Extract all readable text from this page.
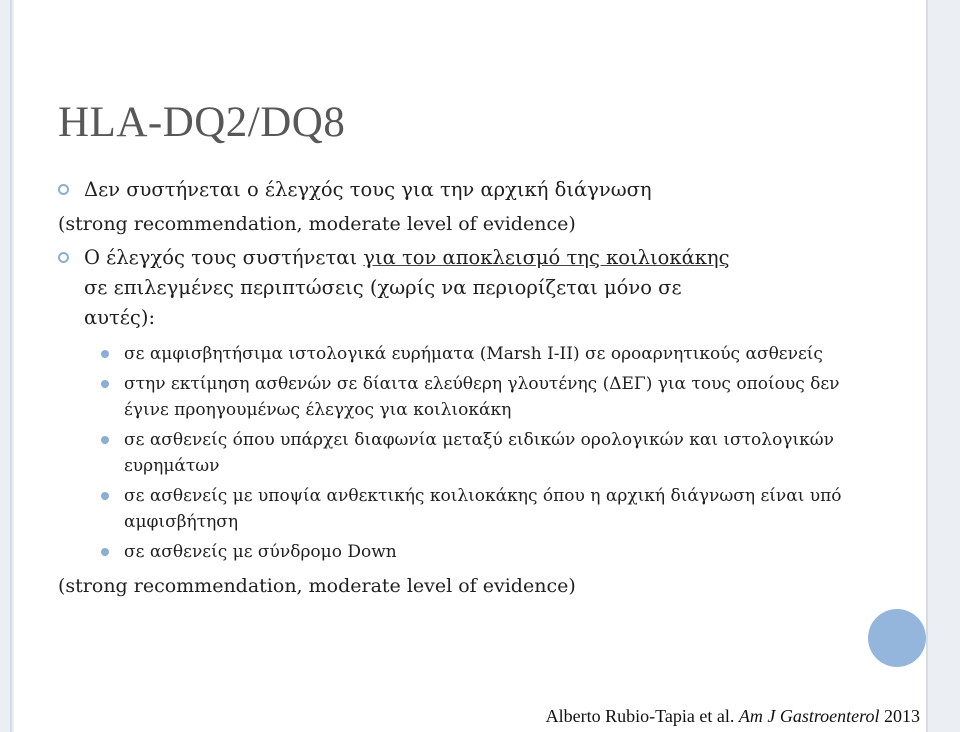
HLA-DQ2/DQ8
Δεν συστήνεται ο έλεγχός τους για την αρχική διάγνωση
(strong recommendation, moderate level of evidence)
Ο έλεγχός τους συστήνεται για τον αποκλεισμό της κοιλιοκάκης
σε επιλεγμένες περιπτώσεις (χωρίς να περιορίζεται μόνο σε
αυτές):
σε αμφισβητήσιμα ιστολογικά ευρήματα (Marsh I-II) σε οροαρνητικούς ασθενείς
στην εκτίμηση ασθενών σε δίαιτα ελεύθερη γλουτένης (ΔΕΓ) για τους οποίους δεν έγινε προηγουμένως έλεγχος για κοιλιοκάκη
σε ασθενείς όπου υπάρχει διαφωνία μεταξύ ειδικών ορολογικών και ιστολογικών ευρημάτων
σε ασθενείς με υποψία ανθεκτικής κοιλιοκάκης όπου η αρχική διάγνωση είναι υπό αμφισβήτηση
σε ασθενείς με σύνδρομο Down
(strong recommendation, moderate level of evidence)
Alberto Rubio-Tapia et al. Am J Gastroenterol 2013
